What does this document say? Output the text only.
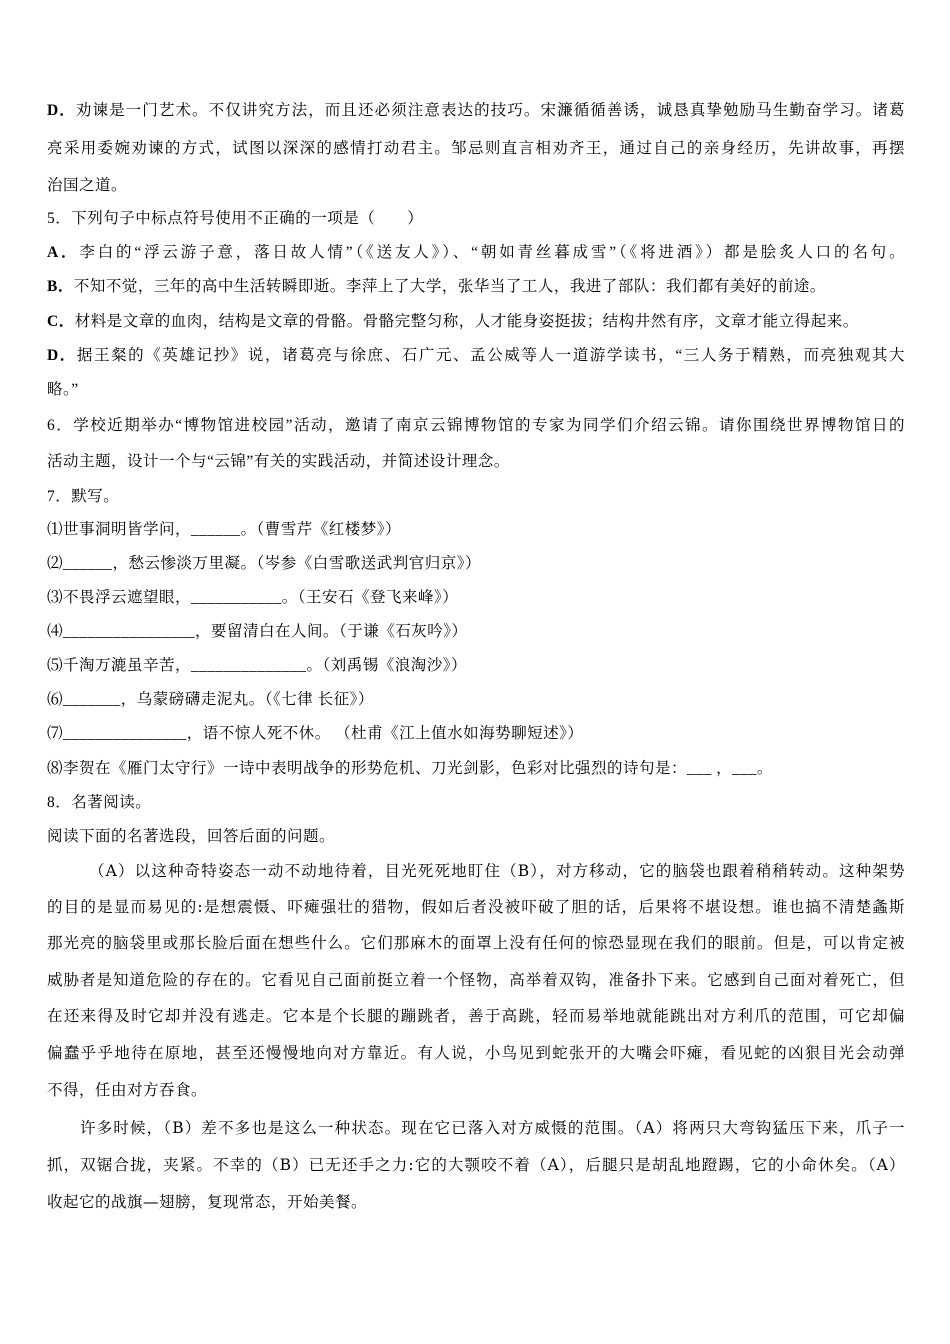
D．劝谏是一门艺术。不仅讲究方法，而且还必须注意表达的技巧。宋濂循循善诱，诚恳真挚勉励马生勤奋学习。诸葛
亮采用委婉劝谏的方式，试图以深深的感情打动君主。邹忌则直言相劝齐王，通过自己的亲身经历，先讲故事，再摆
治国之道。
5．下列句子中标点符号使用不正确的一项是（　　）
A．李白的“浮云游子意，落日故人情”（《送友人》）、“朝如青丝暮成雪”（《将进酒》）都是脍炙人口的名句。
B．不知不觉，三年的高中生活转瞬即逝。李萍上了大学，张华当了工人，我进了部队：我们都有美好的前途。
C．材料是文章的血肉，结构是文章的骨骼。骨骼完整匀称，人才能身姿挺拔；结构井然有序，文章才能立得起来。
D．据王粲的《英雄记抄》说，诸葛亮与徐庶、石广元、孟公威等人一道游学读书，“三人务于精熟，而亮独观其大
略。”
6．学校近期举办“博物馆进校园”活动，邀请了南京云锦博物馆的专家为同学们介绍云锦。请你围绕世界博物馆日的
活动主题，设计一个与“云锦”有关的实践活动，并简述设计理念。
7．默写。
⑴世事洞明皆学问，______。（曹雪芹《红楼梦》）
⑵______，愁云惨淡万里凝。（岑参《白雪歌送武判官归京》）
⑶不畏浮云遮望眼，___________。（王安石《登飞来峰》）
⑷________________，要留清白在人间。（于谦《石灰吟》）
⑸千淘万漉虽辛苦，______________。（刘禹锡《浪淘沙》）
⑹_______，乌蒙磅礴走泥丸。（《七律 长征》）
⑺_______________，语不惊人死不休。 （杜甫《江上值水如海势聊短述》）
⑻李贺在《雁门太守行》一诗中表明战争的形势危机、刀光剑影，色彩对比强烈的诗句是：___ ，___。
8．名著阅读。
阅读下面的名著选段，回答后面的问题。
（A）以这种奇特姿态一动不动地待着，目光死死地盯住（B），对方移动，它的脑袋也跟着稍稍转动。这种架势
的目的是显而易见的:是想震慑、吓瘫强壮的猎物，假如后者没被吓破了胆的话，后果将不堪设想。谁也搞不清楚螽斯
那光亮的脑袋里或那长脸后面在想些什么。它们那麻木的面罩上没有任何的惊恐显现在我们的眼前。但是，可以肯定被
威胁者是知道危险的存在的。它看见自己面前挺立着一个怪物，高举着双钩，准备扑下来。它感到自己面对着死亡，但
在还来得及时它却并没有逃走。它本是个长腿的蹦跳者，善于高跳，轻而易举地就能跳出对方利爪的范围，可它却偏
偏蠢乎乎地待在原地，甚至还慢慢地向对方靠近。有人说，小鸟见到蛇张开的大嘴会吓瘫，看见蛇的凶狠目光会动弹
不得，任由对方吞食。
许多时候，（B）差不多也是这么一种状态。现在它已落入对方威慑的范围。（A）将两只大弯钩猛压下来，爪子一
抓，双锯合拢，夹紧。不幸的（B）已无还手之力:它的大颚咬不着（A），后腿只是胡乱地蹬踢，它的小命休矣。（A）
收起它的战旗—翅膀，复现常态，开始美餐。
